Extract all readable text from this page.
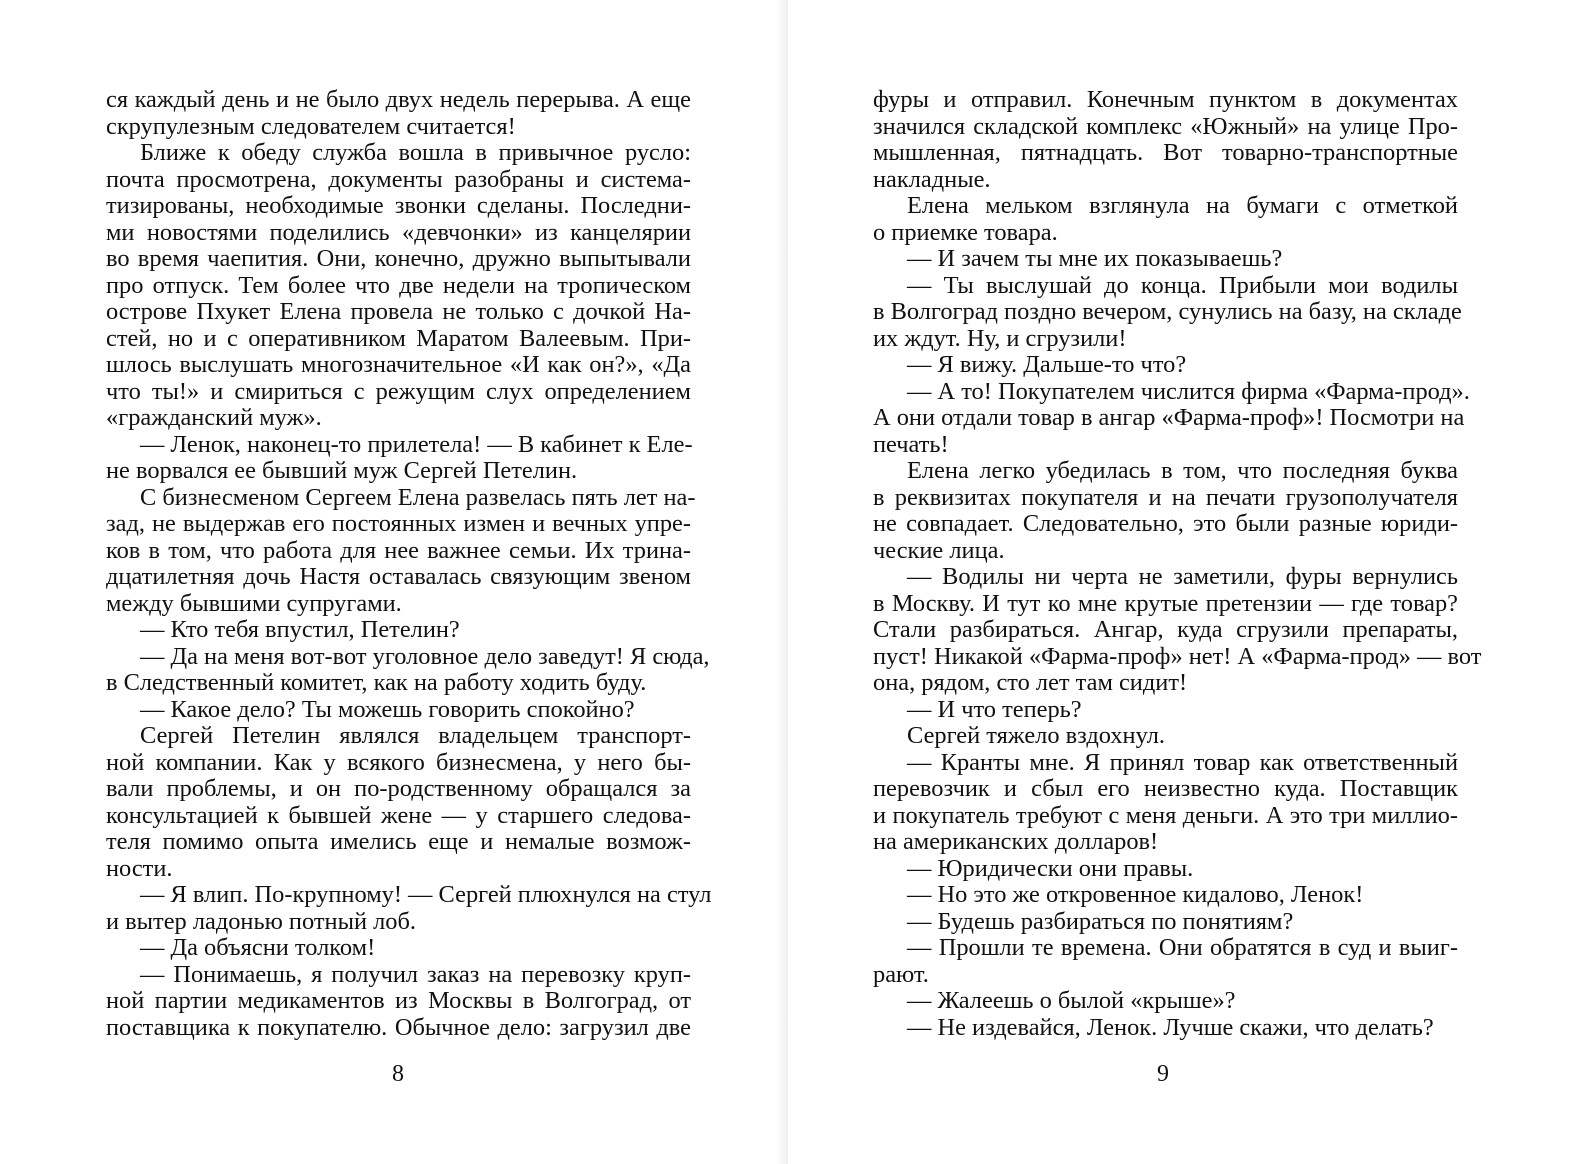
ся каждый день и не было двух недель перерыва. А еще
скрупулезным следователем считается!
Ближе к обеду служба вошла в привычное русло:
почта просмотрена, документы разобраны и система-
тизированы, необходимые звонки сделаны. Последни-
ми новостями поделились «девчонки» из канцелярии
во время чаепития. Они, конечно, дружно выпытывали
про отпуск. Тем более что две недели на тропическом
острове Пхукет Елена провела не только с дочкой На-
стей, но и с оперативником Маратом Валеевым. При-
шлось выслушать многозначительное «И как он?», «Да
что ты!» и смириться с режущим слух определением
«гражданский муж».
— Ленок, наконец-то прилетела! — В кабинет к Еле-
не ворвался ее бывший муж Сергей Петелин.
С бизнесменом Сергеем Елена развелась пять лет на-
зад, не выдержав его постоянных измен и вечных упре-
ков в том, что работа для нее важнее семьи. Их трина-
дцатилетняя дочь Настя оставалась связующим звеном
между бывшими супругами.
— Кто тебя впустил, Петелин?
— Да на меня вот-вот уголовное дело заведут! Я сюда,
в Следственный комитет, как на работу ходить буду.
— Какое дело? Ты можешь говорить спокойно?
Сергей Петелин являлся владельцем транспорт-
ной компании. Как у всякого бизнесмена, у него бы-
вали проблемы, и он по-родственному обращался за
консультацией к бывшей жене — у старшего следова-
теля помимо опыта имелись еще и немалые возмож-
ности.
— Я влип. По-крупному! — Сергей плюхнулся на стул
и вытер ладонью потный лоб.
— Да объясни толком!
— Понимаешь, я получил заказ на перевозку круп-
ной партии медикаментов из Москвы в Волгоград, от
поставщика к покупателю. Обычное дело: загрузил две
8
фуры и отправил. Конечным пунктом в документах
значился складской комплекс «Южный» на улице Про-
мышленная, пятнадцать. Вот товарно-транспортные
накладные.
Елена мельком взглянула на бумаги с отметкой
о приемке товара.
— И зачем ты мне их показываешь?
— Ты выслушай до конца. Прибыли мои водилы
в Волгоград поздно вечером, сунулись на базу, на складе
их ждут. Ну, и сгрузили!
— Я вижу. Дальше-то что?
— А то! Покупателем числится фирма «Фарма-прод».
А они отдали товар в ангар «Фарма-проф»! Посмотри на
печать!
Елена легко убедилась в том, что последняя буква
в реквизитах покупателя и на печати грузополучателя
не совпадает. Следовательно, это были разные юриди-
ческие лица.
— Водилы ни черта не заметили, фуры вернулись
в Москву. И тут ко мне крутые претензии — где товар?
Стали разбираться. Ангар, куда сгрузили препараты,
пуст! Никакой «Фарма-проф» нет! А «Фарма-прод» — вот
она, рядом, сто лет там сидит!
— И что теперь?
Сергей тяжело вздохнул.
— Кранты мне. Я принял товар как ответственный
перевозчик и сбыл его неизвестно куда. Поставщик
и покупатель требуют с меня деньги. А это три миллио-
на американских долларов!
— Юридически они правы.
— Но это же откровенное кидалово, Ленок!
— Будешь разбираться по понятиям?
— Прошли те времена. Они обратятся в суд и выиг-
рают.
— Жалеешь о былой «крыше»?
— Не издевайся, Ленок. Лучше скажи, что делать?
9
